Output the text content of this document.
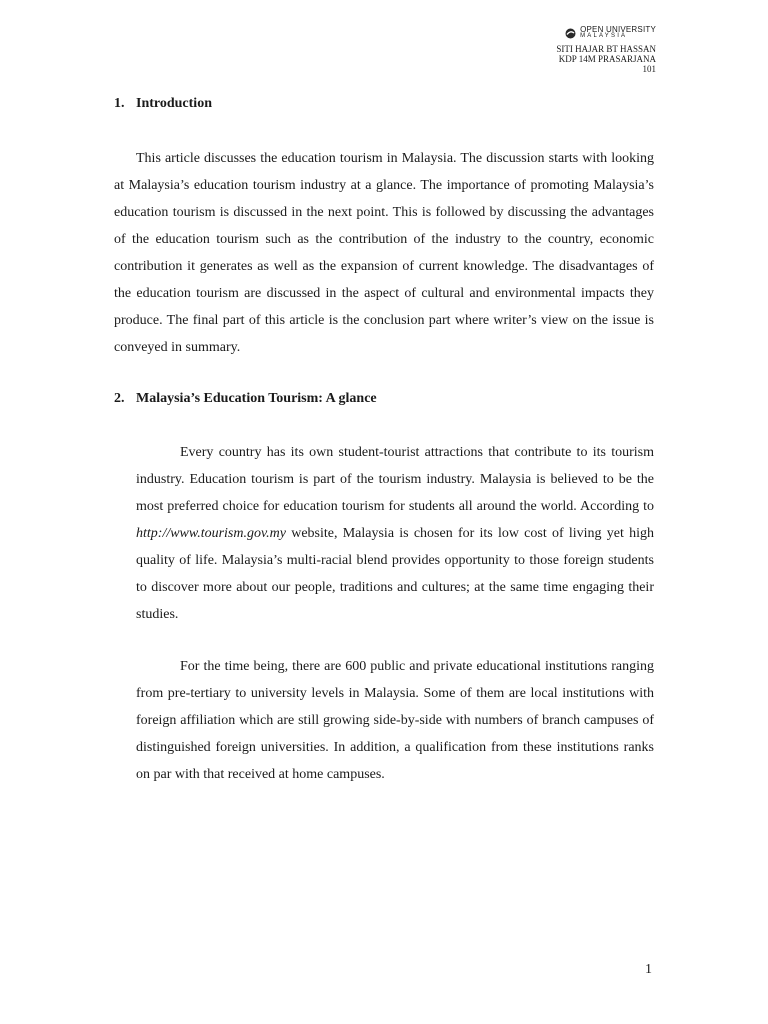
OPEN UNIVERSITY
MALAYSIA
SITI HAJAR BT HASSAN
KDP 14M PRASARJANA
101
1. Introduction
This article discusses the education tourism in Malaysia. The discussion starts with looking at Malaysia’s education tourism industry at a glance. The importance of promoting Malaysia’s education tourism is discussed in the next point. This is followed by discussing the advantages of the education tourism such as the contribution of the industry to the country, economic contribution it generates as well as the expansion of current knowledge. The disadvantages of the education tourism are discussed in the aspect of cultural and environmental impacts they produce. The final part of this article is the conclusion part where writer’s view on the issue is conveyed in summary.
2. Malaysia’s Education Tourism: A glance
Every country has its own student-tourist attractions that contribute to its tourism industry. Education tourism is part of the tourism industry. Malaysia is believed to be the most preferred choice for education tourism for students all around the world. According to http://www.tourism.gov.my website, Malaysia is chosen for its low cost of living yet high quality of life. Malaysia’s multi-racial blend provides opportunity to those foreign students to discover more about our people, traditions and cultures; at the same time engaging their studies.
For the time being, there are 600 public and private educational institutions ranging from pre-tertiary to university levels in Malaysia. Some of them are local institutions with foreign affiliation which are still growing side-by-side with numbers of branch campuses of distinguished foreign universities. In addition, a qualification from these institutions ranks on par with that received at home campuses.
1
